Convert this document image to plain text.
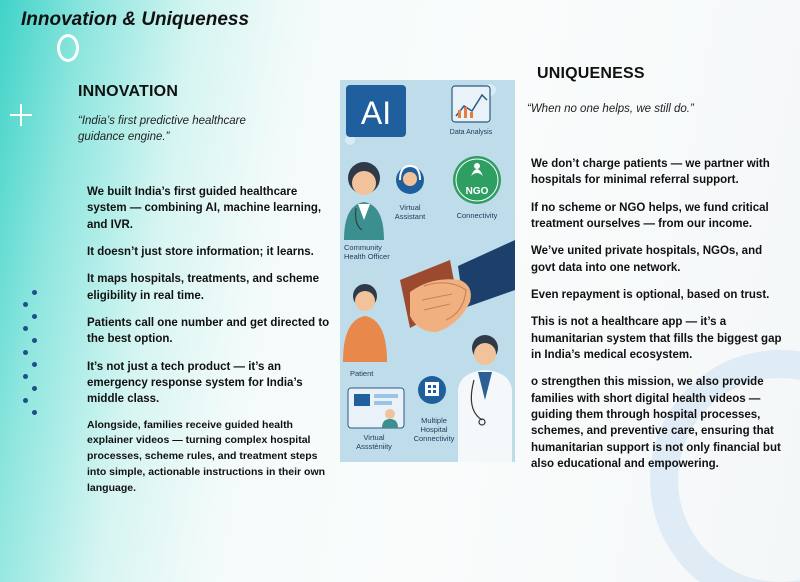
Innovation & Uniqueness
INNOVATION
“India’s first predictive healthcare guidance engine.”

We built India’s first guided healthcare system — combining AI, machine learning, and IVR.

It doesn’t just store information; it learns.

It maps hospitals, treatments, and scheme eligibility in real time.

Patients call one number and get directed to the best option.

It’s not just a tech product — it’s an emergency response system for India’s middle class.

Alongside, families receive guided health explainer videos — turning complex hospital processes, scheme rules, and treatment steps into simple, actionable instructions in their own language.

AI
Data Analysis
Community Health Officer
Virtual Assistant
NGO
Connectivity
Patient
Virtual Assstèniity
Multiple Hospital Connectivity
UNIQUENESS
“When no one helps, we still do.”

We don’t charge patients — we partner with hospitals for minimal referral support.

If no scheme or NGO helps, we fund critical treatment ourselves — from our income.

We’ve united private hospitals, NGOs, and govt data into one network.

Even repayment is optional, based on trust.

This is not a healthcare app — it’s a humanitarian system that fills the biggest gap in India’s medical ecosystem.

o strengthen this mission, we also provide families with short digital health videos — guiding them through hospital processes, schemes, and preventive care, ensuring that humanitarian support is not only financial but also educational and empowering.
